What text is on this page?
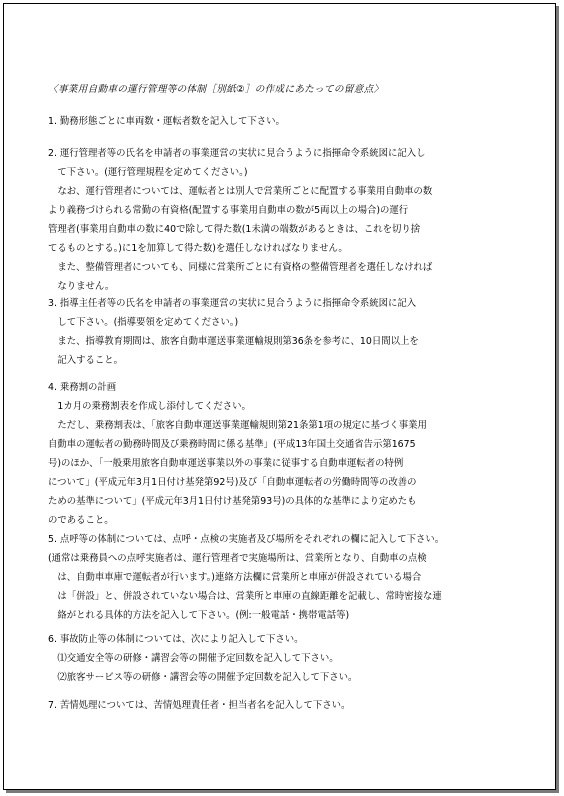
〈事業用自動車の運行管理等の体制［別紙②］の作成にあたっての留意点〉
1. 勤務形態ごとに車両数・運転者数を記入して下さい。
2. 運行管理者等の氏名を申請者の事業運営の実状に見合うように指揮命令系統図に記入し
　て下さい。(運行管理規程を定めてください。)
　なお、運行管理者については、運転者とは別人で営業所ごとに配置する事業用自動車の数
より義務づけられる常勤の有資格(配置する事業用自動車の数が5両以上の場合)の運行
管理者(事業用自動車の数に40で除して得た数(1未満の端数があるときは、これを切り捨
てるものとする。)に1を加算して得た数)を選任しなければなりません。
　また、整備管理者についても、同様に営業所ごとに有資格の整備管理者を選任しなければ
　なりません。
3. 指導主任者等の氏名を申請者の事業運営の実状に見合うように指揮命令系統図に記入
　して下さい。(指導要領を定めてください。)
　また、指導教育期間は、旅客自動車運送事業運輸規則第36条を参考に、10日間以上を
　記入すること。
4. 乗務割の計画
　1カ月の乗務割表を作成し添付してください。
　ただし、乗務割表は、「旅客自動車運送事業運輸規則第21条第1項の規定に基づく事業用
自動車の運転者の勤務時間及び乗務時間に係る基準」(平成13年国土交通省告示第1675
号)のほか、「一般乗用旅客自動車運送事業以外の事業に従事する自動車運転者の特例
について」(平成元年3月1日付け基発第92号)及び「自動車運転者の労働時間等の改善の
ための基準について」(平成元年3月1日付け基発第93号)の具体的な基準により定めたも
のであること。
5. 点呼等の体制については、点呼・点検の実施者及び場所をそれぞれの欄に記入して下さい。
(通常は乗務員への点呼実施者は、運行管理者で実施場所は、営業所となり、自動車の点検
　は、自動車車庫で運転者が行います。)連絡方法欄に営業所と車庫が併設されている場合
　は「併設」と、併設されていない場合は、営業所と車庫の直線距離を記載し、常時密接な連
　絡がとれる具体的方法を記入して下さい。(例:一般電話・携帯電話等)
6. 事故防止等の体制については、次により記入して下さい。
　⑴交通安全等の研修・講習会等の開催予定回数を記入して下さい。
　⑵旅客サービス等の研修・講習会等の開催予定回数を記入して下さい。
7. 苦情処理については、苦情処理責任者・担当者名を記入して下さい。
